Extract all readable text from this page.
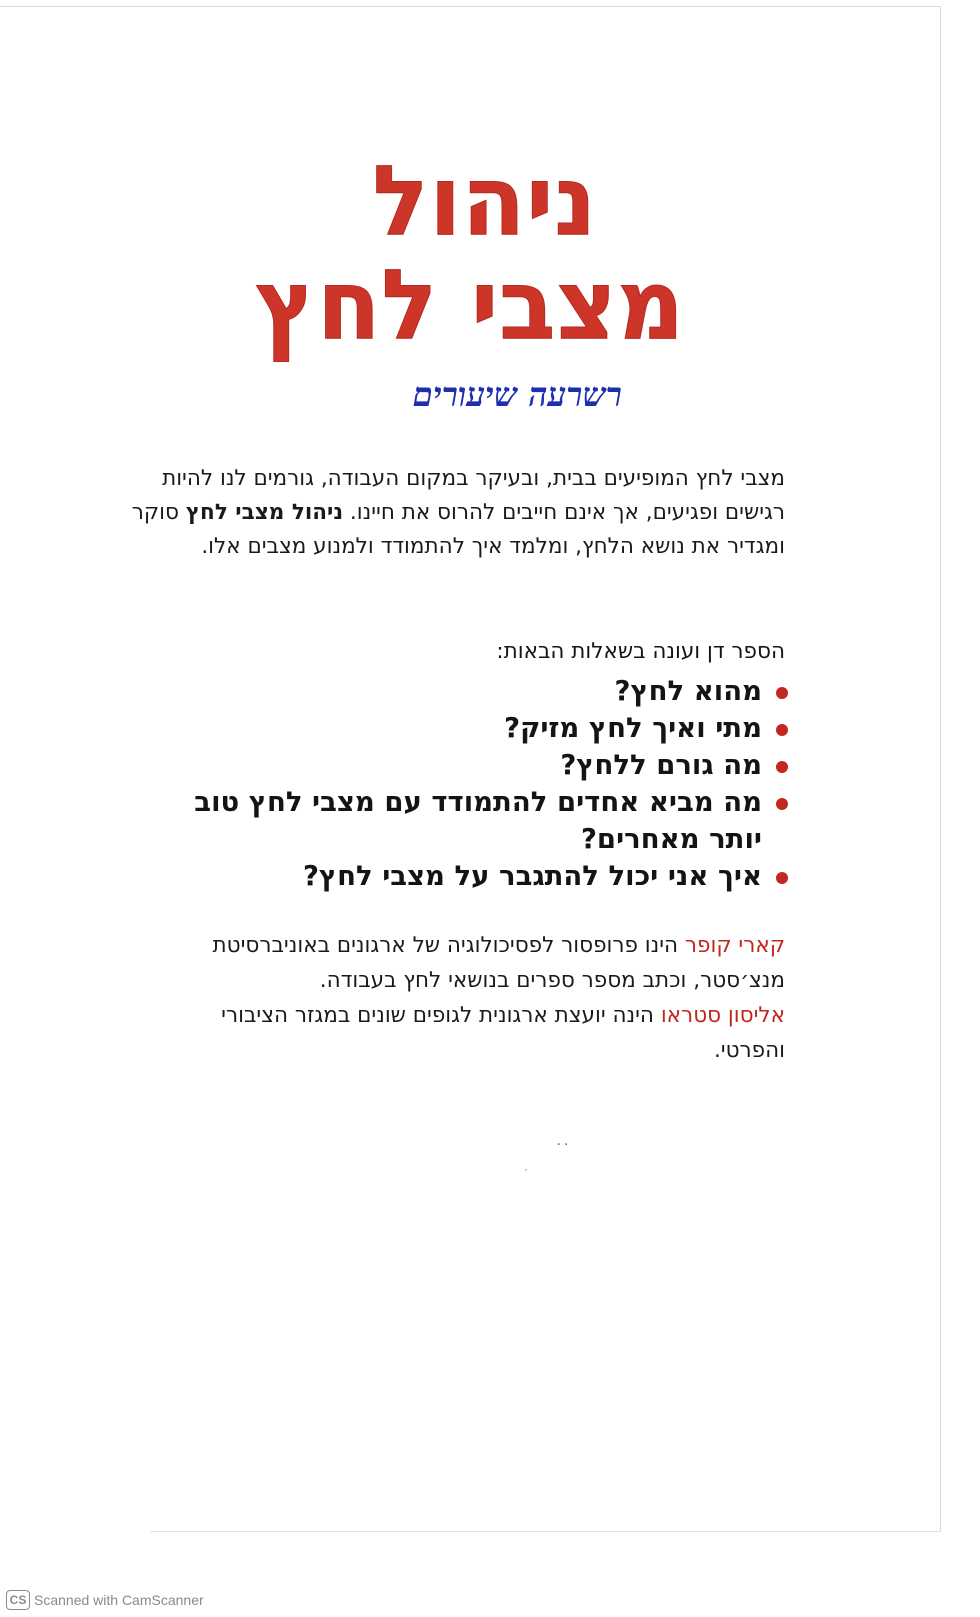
ניהול
מצבי לחץ
רשרעה שיעורים

מצבי לחץ המופיעים בבית, ובעיקר במקום העבודה, גורמים לנו להיות רגישים ופגיעים, אך אינם חייבים להרוס את חיינו. ניהול מצבי לחץ סוקר ומגדיר את נושא הלחץ, ומלמד איך להתמודד ולמנוע מצבים אלו.

הספר דן ועונה בשאלות הבאות:
מהוא לחץ?
מתי ואיך לחץ מזיק?
מה גורם ללחץ?
מה מביא אחדים להתמודד עם מצבי לחץ טוב יותר מאחרים?
איך אני יכול להתגבר על מצבי לחץ?

קארי קופר הינו פרופסור לפסיכולוגיה של ארגונים באוניברסיטת מנצ׳סטר, וכתב מספר ספרים בנושאי לחץ בעבודה.

אליסון סטראו הינה יועצת ארגונית לגופים שונים במגזר הציבורי והפרטי.

٠٠
·
CS Scanned with CamScanner
